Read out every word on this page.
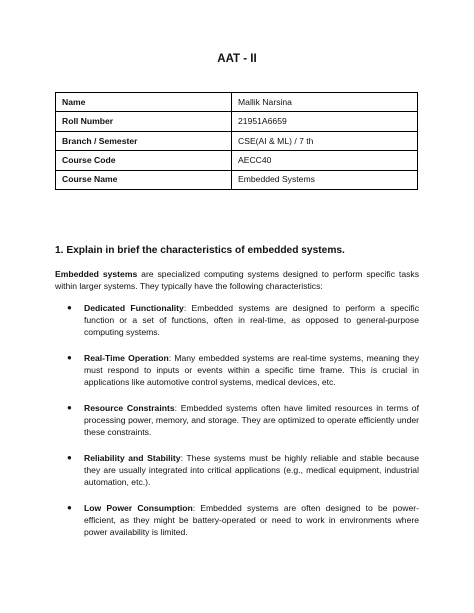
AAT - II
Name	Mallik Narsina
Roll Number	21951A6659
Branch / Semester	CSE(AI & ML) / 7 th
Course Code	AECC40
Course Name	Embedded Systems
1. Explain in brief the characteristics of embedded systems.
Embedded systems are specialized computing systems designed to perform specific tasks within larger systems. They typically have the following characteristics:
● Dedicated Functionality: Embedded systems are designed to perform a specific function or a set of functions, often in real-time, as opposed to general-purpose computing systems.
● Real-Time Operation: Many embedded systems are real-time systems, meaning they must respond to inputs or events within a specific time frame. This is crucial in applications like automotive control systems, medical devices, etc.
● Resource Constraints: Embedded systems often have limited resources in terms of processing power, memory, and storage. They are optimized to operate efficiently under these constraints.
● Reliability and Stability: These systems must be highly reliable and stable because they are usually integrated into critical applications (e.g., medical equipment, industrial automation, etc.).
● Low Power Consumption: Embedded systems are often designed to be power-efficient, as they might be battery-operated or need to work in environments where power availability is limited.
